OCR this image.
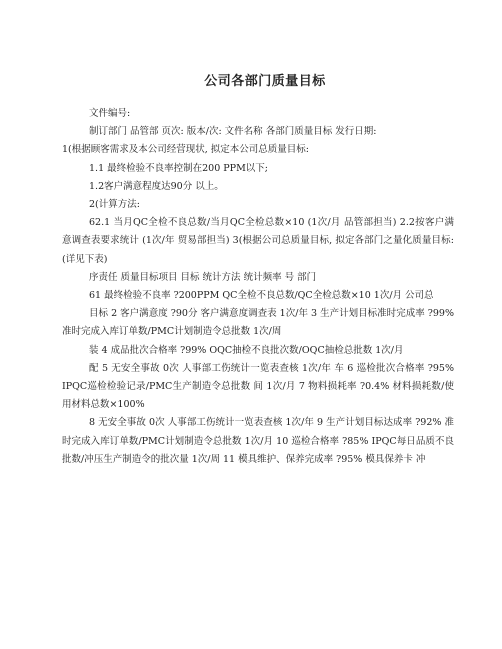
公司各部门质量目标

文件编号:

制订部门 品管部 页次: 版本/次: 文件名称 各部门质量目标 发行日期:

1(根据顾客需求及本公司经营现状, 拟定本公司总质量目标:

1.1 最终检验不良率控制在200 PPM以下;

1.2客户满意程度达90分 以上。

2(计算方法:

62.1 当月QC全检不良总数/当月QC全检总数×10 (1次/月 品管部担当) 2.2按客户满意调查表要求统计 (1次/年 贸易部担当) 3(根据公司总质量目标, 拟定各部门之量化质量目标:(详见下表)

序责任 质量目标项目 目标 统计方法 统计频率 号 部门

61 最终检验不良率 ?200PPM QC全检不良总数/QC全检总数×10 1次/月 公司总

目标 2 客户满意度 ?90分 客户满意度调查表 1次/年 3 生产计划目标准时完成率 ?99% 准时完成入库订单数/PMC计划制造令总批数 1次/周

装 4 成品批次合格率 ?99% OQC抽检不良批次数/OQC抽检总批数 1次/月

配 5 无安全事故 0次 人事部工伤统计一览表查核 1次/年 车 6 巡检批次合格率 ?95% IPQC巡检检验记录/PMC生产制造令总批数 间 1次/月 7 物料损耗率 ?0.4% 材料损耗数/使用材料总数×100%

8 无安全事故 0次 人事部工伤统计一览表查核 1次/年 9 生产计划目标达成率 ?92% 准时完成入库订单数/PMC计划制造令总批数 1次/月 10 巡检合格率 ?85% IPQC每日品质不良批数/冲压生产制造令的批次量 1次/周 11 模具维护、保养完成率 ?95% 模具保养卡 冲
